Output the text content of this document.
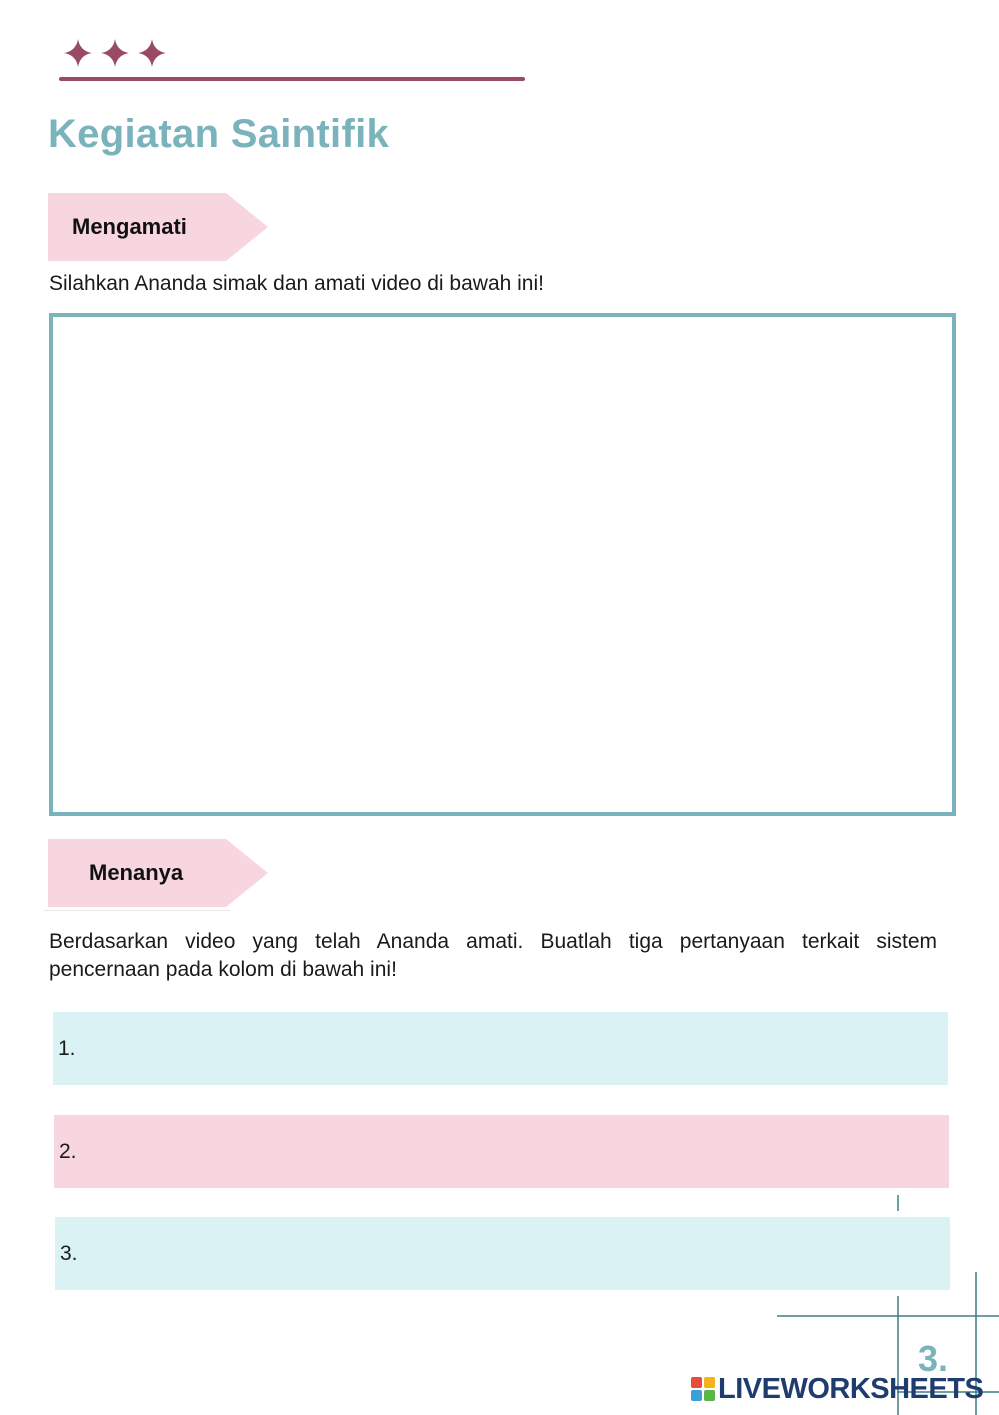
Kegiatan Saintifik
Mengamati

Silahkan Ananda simak dan amati video di bawah ini!

Menanya

Berdasarkan video yang telah Ananda amati. Buatlah tiga pertanyaan terkait sistem pencernaan pada kolom di bawah ini!

1.
2.
3.
3.
LIVEWORKSHEETS
